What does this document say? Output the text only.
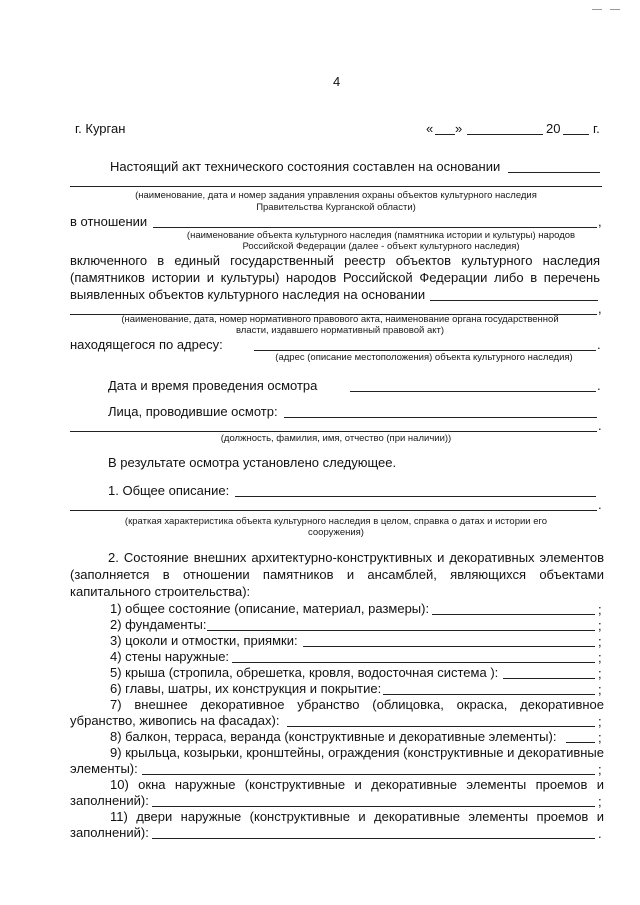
4
г. Курган	« »	20	г.
Настоящий акт технического состояния составлен на основании
(наименование, дата и номер задания управления охраны объектов культурного наследия
Правительства Курганской области)
в отношении	,
(наименование объекта культурного наследия (памятника истории и культуры) народов
Российской Федерации (далее - объект культурного наследия)
включенного в единый государственный реестр объектов культурного наследия
(памятников истории и культуры) народов Российской Федерации либо в перечень
выявленных объектов культурного наследия на основании
,
(наименование, дата, номер нормативного правового акта, наименование органа государственной
власти, издавшего нормативный правовой акт)
находящегося по адресу:	.
(адрес (описание местоположения) объекта культурного наследия)
Дата и время проведения осмотра	.
Лица, проводившие осмотр:
.
(должность, фамилия, имя, отчество (при наличии))
В результате осмотра установлено следующее.
1. Общее описание:
.
(краткая характеристика объекта культурного наследия в целом, справка о датах и истории его
сооружения)
2. Состояние внешних архитектурно-конструктивных и декоративных элементов
(заполняется в отношении памятников и ансамблей, являющихся объектами
капитального строительства):
1) общее состояние (описание, материал, размеры):	;
2) фундаменты:	;
3) цоколи и отмостки, приямки:	;
4) стены наружные:	;
5) крыша (стропила, обрешетка, кровля, водосточная система ):	;
6) главы, шатры, их конструкция и покрытие:	;
7) внешнее декоративное убранство (облицовка, окраска, декоративное
убранство, живопись на фасадах):	;
8) балкон, терраса, веранда (конструктивные и декоративные элементы):	;
9) крыльца, козырьки, кронштейны, ограждения (конструктивные и декоративные
элементы):	;
10) окна наружные (конструктивные и декоративные элементы проемов и
заполнений):	;
11) двери наружные (конструктивные и декоративные элементы проемов и
заполнений):	.
